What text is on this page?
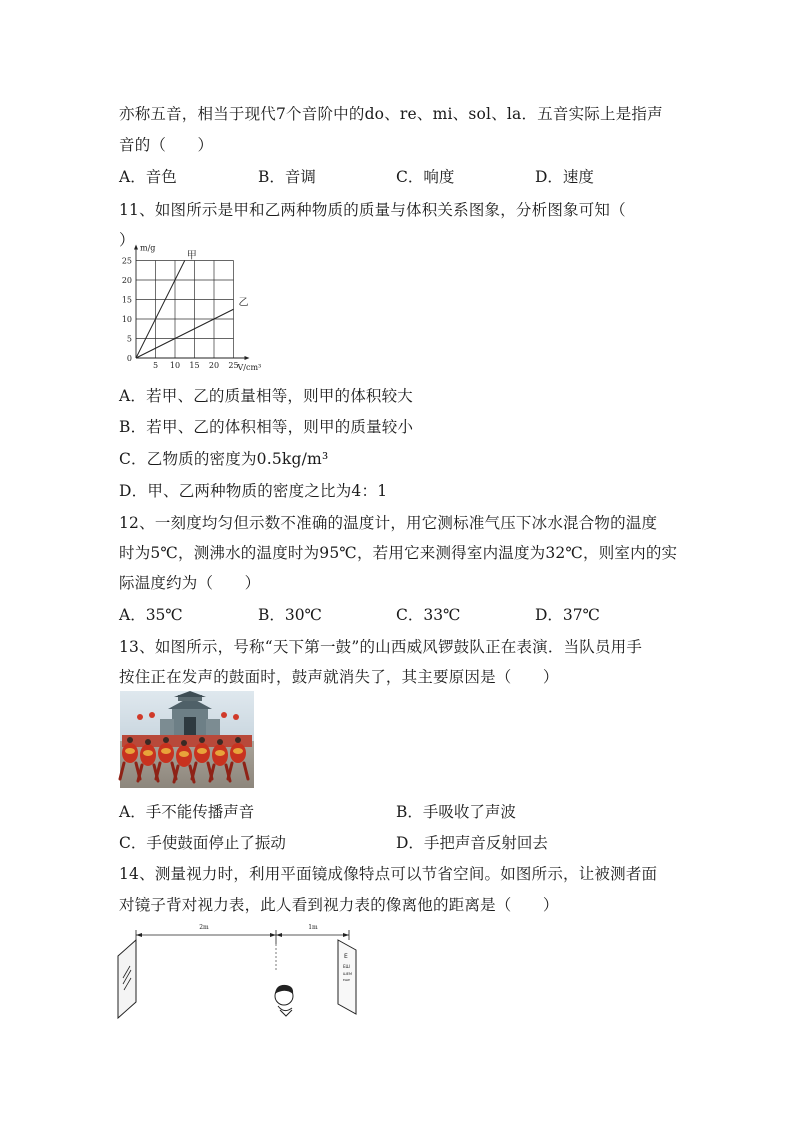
亦称五音，相当于现代7个音阶中的do、re、mi、sol、la．五音实际上是指声
音的（　　）
A．音色	B．音调	C．响度	D．速度
11、如图所示是甲和乙两种物质的质量与体积关系图象，分析图象可知（
）
5 10 15 20 25
0
5
10
15
20
25
m/g
V/cm³
甲
乙
A．若甲、乙的质量相等，则甲的体积较大
B．若甲、乙的体积相等，则甲的质量较小
C．乙物质的密度为0.5kg/m³
D．甲、乙两种物质的密度之比为4：1
12、一刻度均匀但示数不准确的温度计，用它测标准气压下冰水混合物的温度
时为5℃，测沸水的温度时为95℃，若用它来测得室内温度为32℃，则室内的实
际温度约为（　　）
A．35℃	B．30℃	C．33℃	D．37℃
13、如图所示，号称“天下第一鼓”的山西威风锣鼓队正在表演．当队员用手
按住正在发声的鼓面时，鼓声就消失了，其主要原因是（　　）
A．手不能传播声音	B．手吸收了声波
C．手使鼓面停止了振动	D．手把声音反射回去
14、测量视力时，利用平面镜成像特点可以节省空间。如图所示，让被测者面
对镜子背对视力表，此人看到视力表的像离他的距离是（　　）
2m	1m
E
ЕШ
ШЕМ
ЕШЕ
